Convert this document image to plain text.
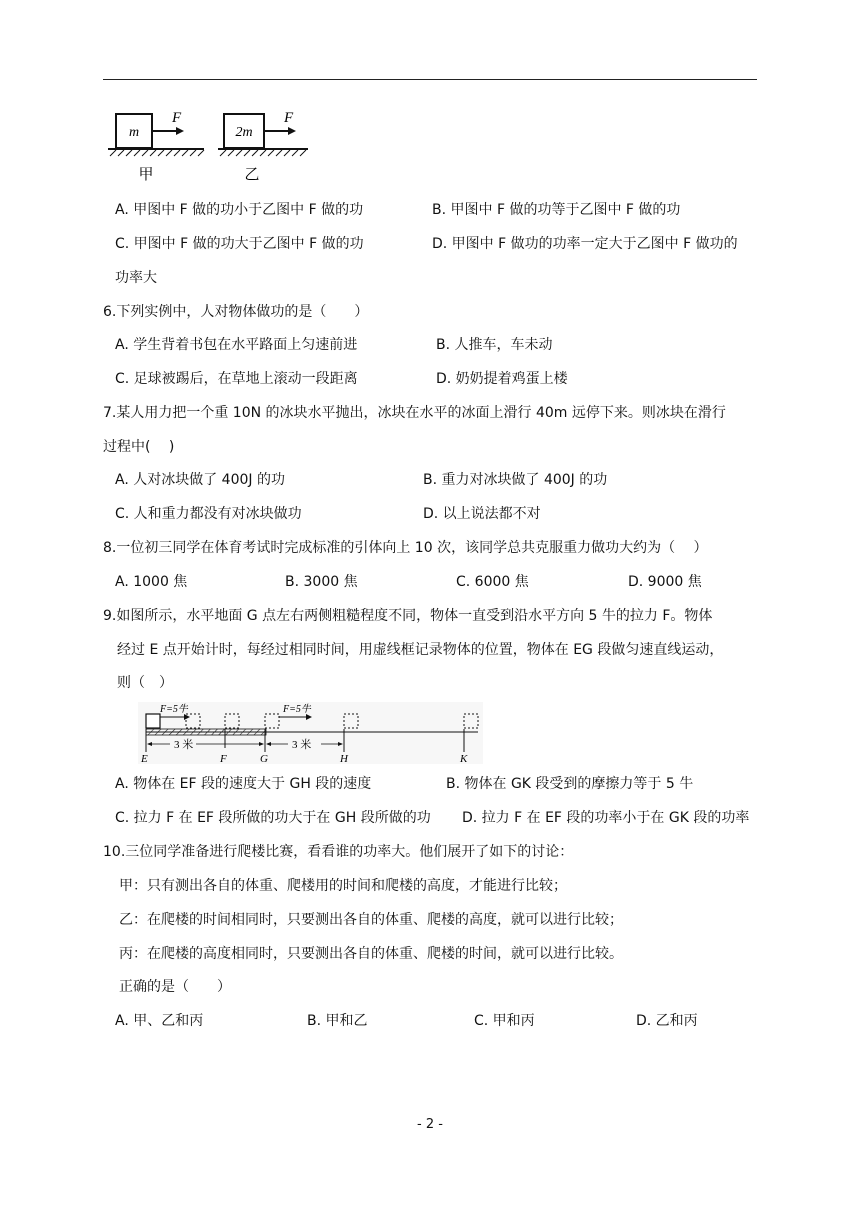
m
F
甲
2m
F
乙
A. 甲图中 F 做的功小于乙图中 F 做的功	B. 甲图中 F 做的功等于乙图中 F 做的功
C. 甲图中 F 做的功大于乙图中 F 做的功	D. 甲图中 F 做功的功率一定大于乙图中 F 做功的
功率大
6.下列实例中，人对物体做功的是（　　）
A. 学生背着书包在水平路面上匀速前进	B. 人推车，车未动
C. 足球被踢后，在草地上滚动一段距离	D. 奶奶提着鸡蛋上楼
7.某人用力把一个重 10N 的冰块水平抛出，冰块在水平的冰面上滑行 40m 远停下来。则冰块在滑行
过程中(　 )
A. 人对冰块做了 400J 的功	B. 重力对冰块做了 400J 的功
C. 人和重力都没有对冰块做功	D. 以上说法都不对
8.一位初三同学在体育考试时完成标准的引体向上 10 次，该同学总共克服重力做功大约为（　 ）
A. 1000 焦	B. 3000 焦	C. 6000 焦	D. 9000 焦
9.如图所示，水平地面 G 点左右两侧粗糙程度不同，物体一直受到沿水平方向 5 牛的拉力 F。物体
经过 E 点开始计时，每经过相同时间，用虚线框记录物体的位置，物体在 EG 段做匀速直线运动，
则（　）
F=5牛	F=5牛
3 米	3 米
E	F	G	H	K
A. 物体在 EF 段的速度大于 GH 段的速度	B. 物体在 GK 段受到的摩擦力等于 5 牛
C. 拉力 F 在 EF 段所做的功大于在 GH 段所做的功 D. 拉力 F 在 EF 段的功率小于在 GK 段的功率
10.三位同学准备进行爬楼比赛，看看谁的功率大。他们展开了如下的讨论：
甲：只有测出各自的体重、爬楼用的时间和爬楼的高度，才能进行比较；
乙：在爬楼的时间相同时，只要测出各自的体重、爬楼的高度，就可以进行比较；
丙：在爬楼的高度相同时，只要测出各自的体重、爬楼的时间，就可以进行比较。
正确的是（　　）
A. 甲、乙和丙	B. 甲和乙	C. 甲和丙	D. 乙和丙
- 2 -
